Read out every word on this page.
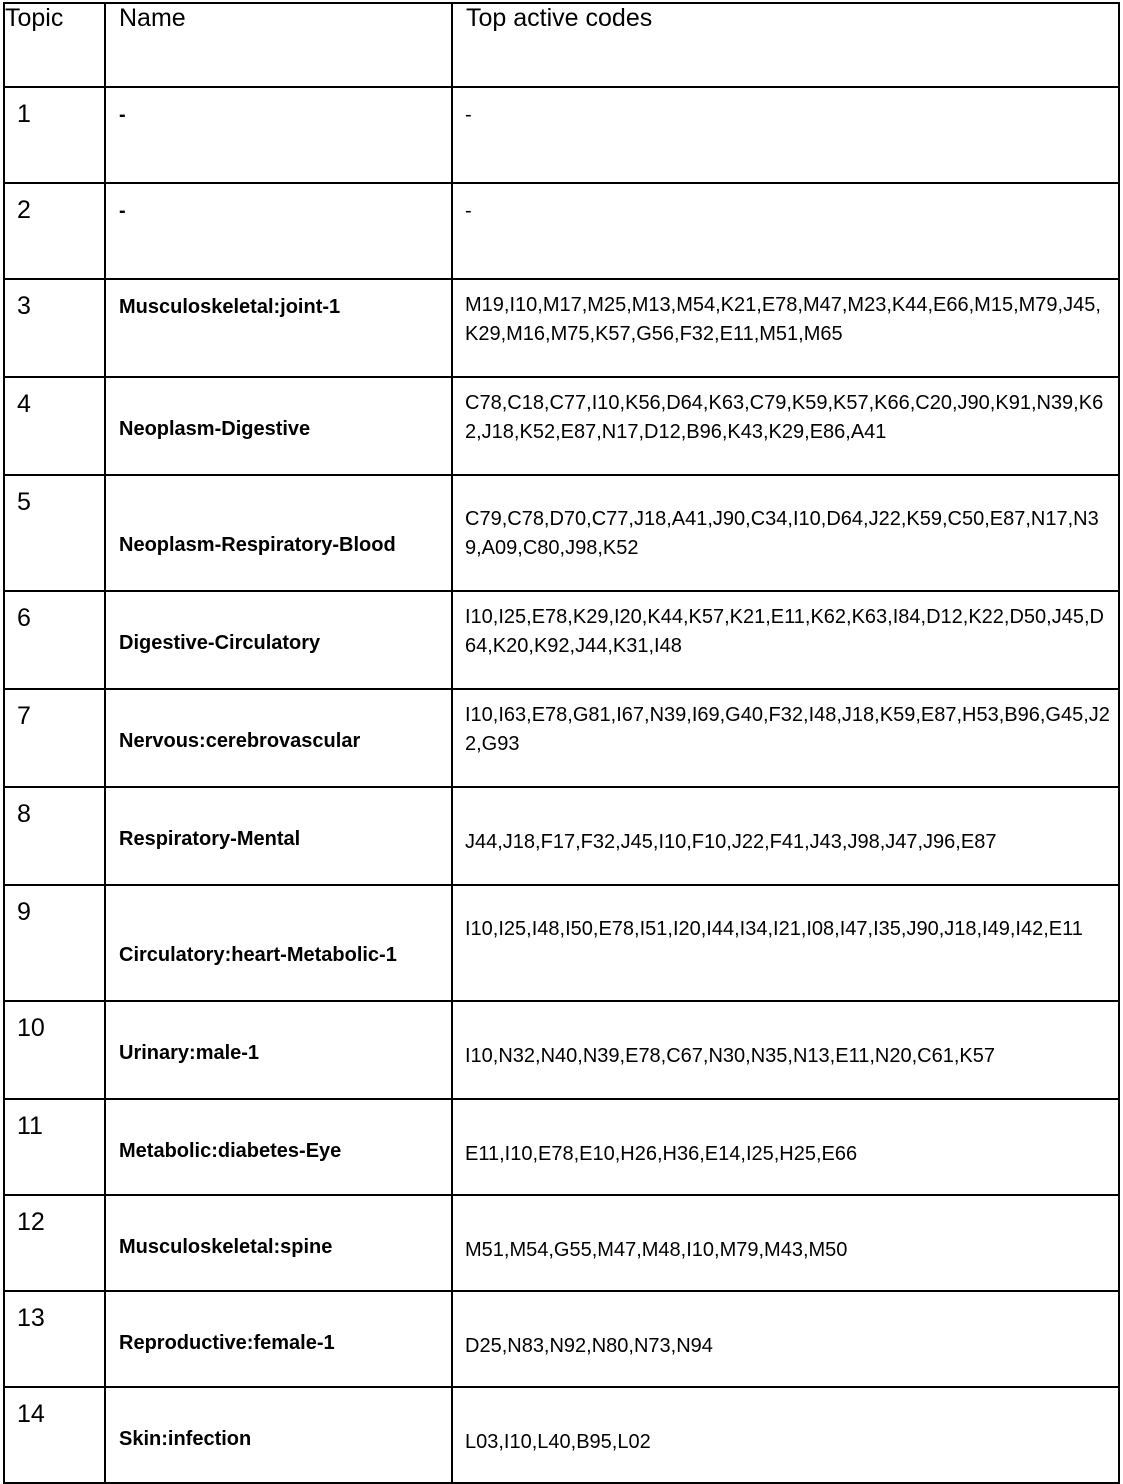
Topic	Name	Top active codes
1	-	-

2	-	-

3	Musculoskeletal:joint-1	M19,I10,M17,M25,M13,M54,K21,E78,M47,M23,K44,E66,M15,M79,J45,K29,M16,M75,K57,G56,F32,E11,M51,M65

4	Neoplasm-Digestive	C78,C18,C77,I10,K56,D64,K63,C79,K59,K57,K66,C20,J90,K91,N39,K62,J18,K52,E87,N17,D12,B96,K43,K29,E86,A41

5	Neoplasm-Respiratory-Blood	C79,C78,D70,C77,J18,A41,J90,C34,I10,D64,J22,K59,C50,E87,N17,N39,A09,C80,J98,K52

6	Digestive-Circulatory	I10,I25,E78,K29,I20,K44,K57,K21,E11,K62,K63,I84,D12,K22,D50,J45,D64,K20,K92,J44,K31,I48

7	Nervous:cerebrovascular	I10,I63,E78,G81,I67,N39,I69,G40,F32,I48,J18,K59,E87,H53,B96,G45,J22,G93

8	Respiratory-Mental	J44,J18,F17,F32,J45,I10,F10,J22,F41,J43,J98,J47,J96,E87

9	Circulatory:heart-Metabolic-1	I10,I25,I48,I50,E78,I51,I20,I44,I34,I21,I08,I47,I35,J90,J18,I49,I42,E11

10	Urinary:male-1	I10,N32,N40,N39,E78,C67,N30,N35,N13,E11,N20,C61,K57

11	Metabolic:diabetes-Eye	E11,I10,E78,E10,H26,H36,E14,I25,H25,E66

12	Musculoskeletal:spine	M51,M54,G55,M47,M48,I10,M79,M43,M50

13	Reproductive:female-1	D25,N83,N92,N80,N73,N94

14	Skin:infection	L03,I10,L40,B95,L02
